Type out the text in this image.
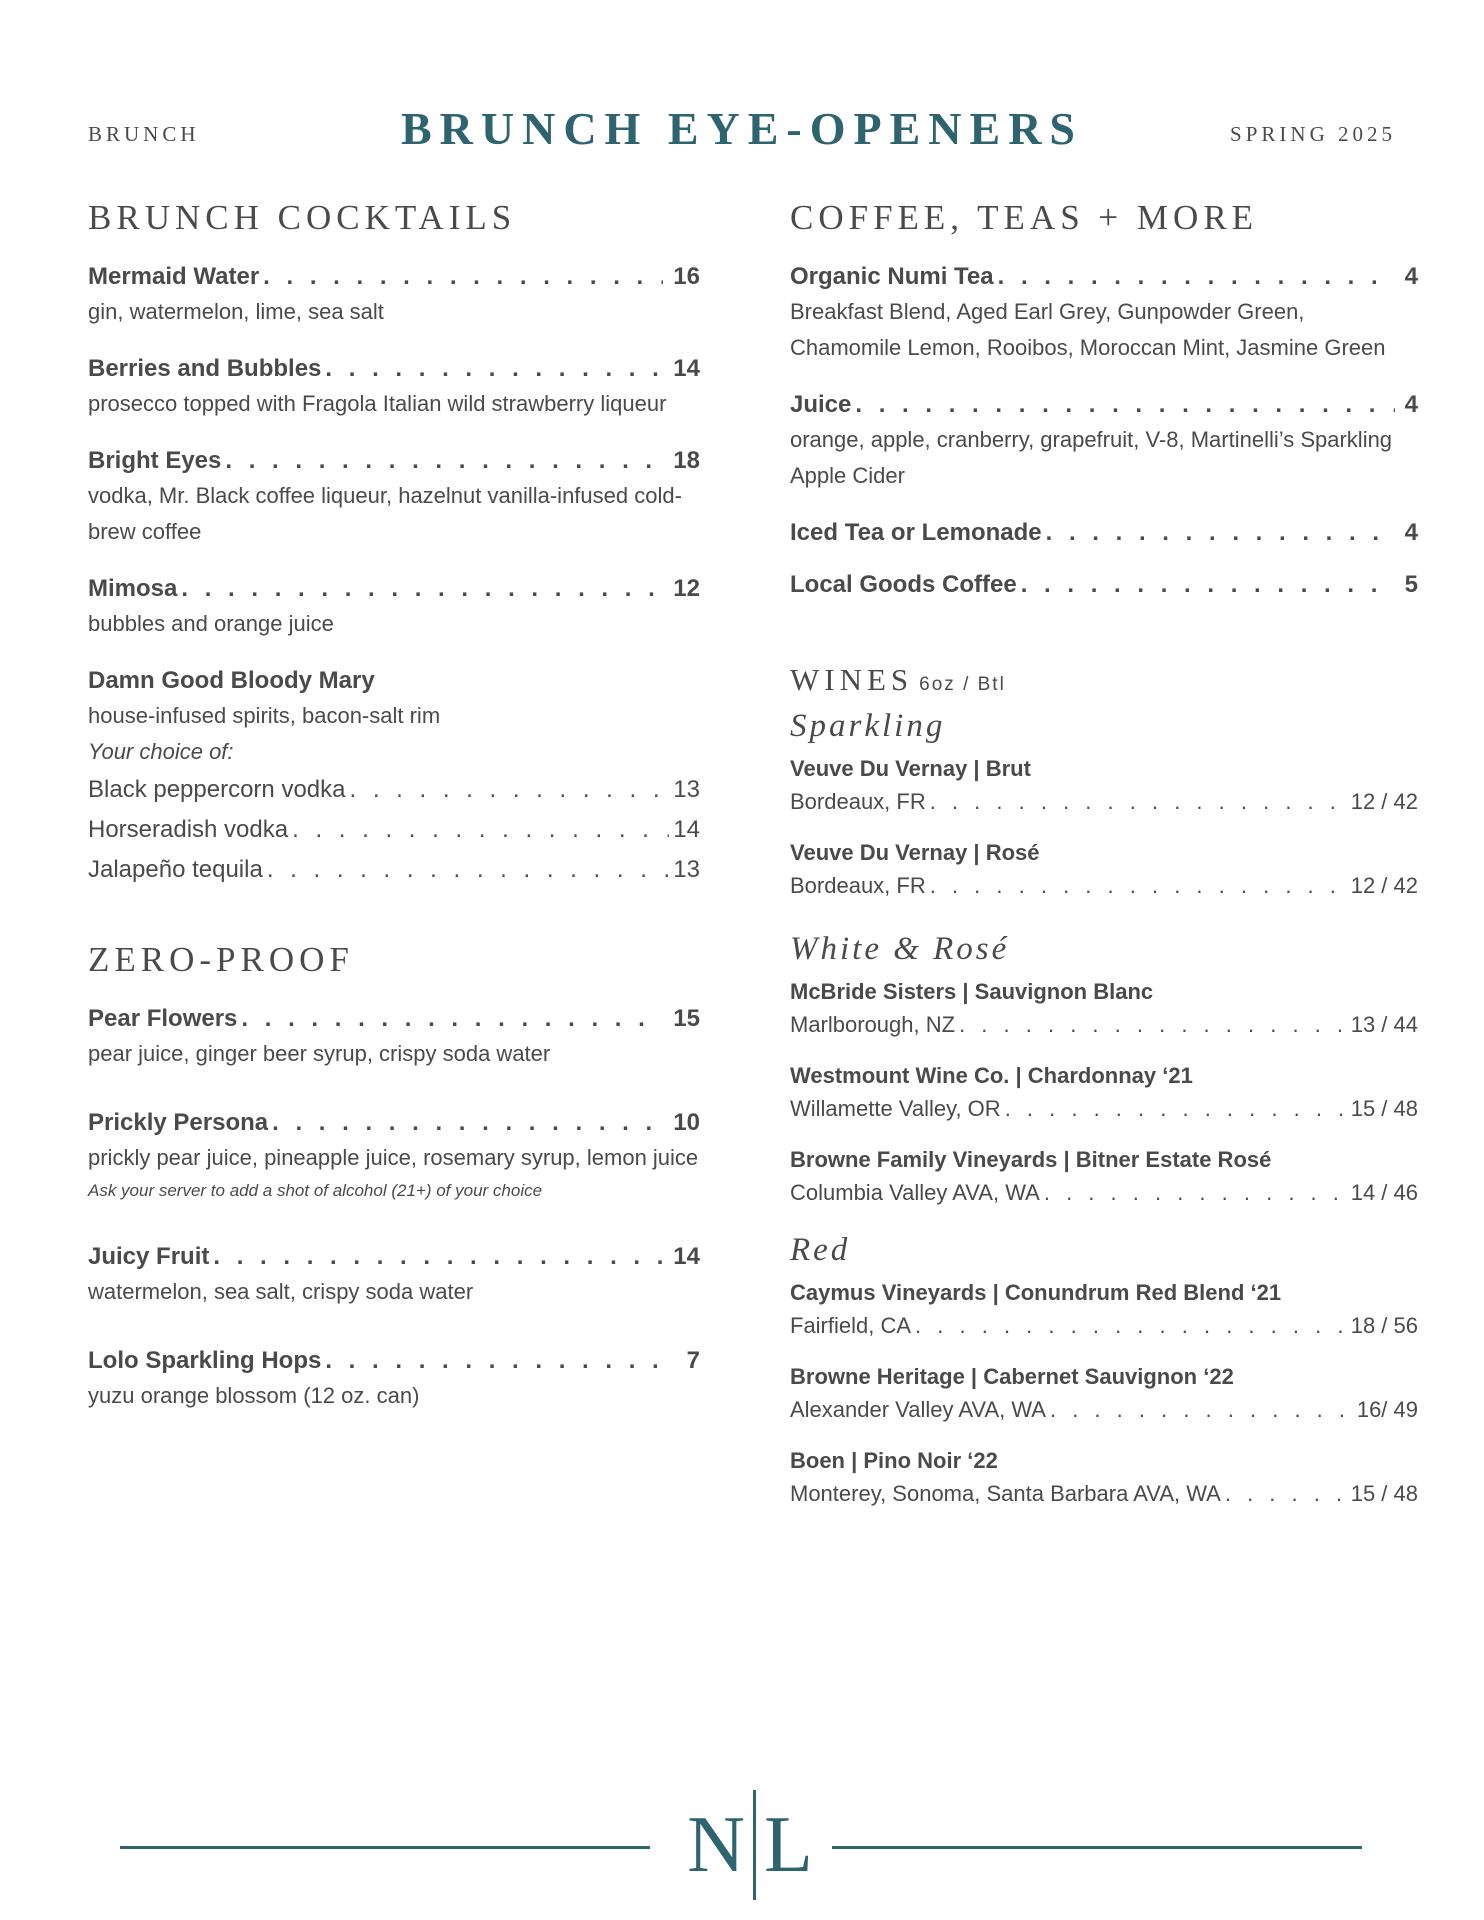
BRUNCH	BRUNCH EYE-OPENERS	SPRING 2025
BRUNCH COCKTAILS
Mermaid Water . . .	16
gin, watermelon, lime, sea salt
Berries and Bubbles . . .	14
prosecco topped with Fragola Italian wild strawberry liqueur
Bright Eyes . . .	18
vodka, Mr. Black coffee liqueur, hazelnut vanilla-infused cold-brew coffee
Mimosa . . .	12
bubbles and orange juice
Damn Good Bloody Mary
house-infused spirits, bacon-salt rim
Your choice of:
Black peppercorn vodka . . .	13
Horseradish vodka . . .	14
Jalapeño tequila . . .	13
ZERO-PROOF
Pear Flowers . . .	15
pear juice, ginger beer syrup, crispy soda water
Prickly Persona . . .	10
prickly pear juice, pineapple juice, rosemary syrup, lemon juice
Ask your server to add a shot of alcohol (21+) of your choice
Juicy Fruit . . .	14
watermelon, sea salt, crispy soda water
Lolo Sparkling Hops . . .	7
yuzu orange blossom (12 oz. can)
COFFEE, TEAS + MORE
Organic Numi Tea . . .	4
Breakfast Blend, Aged Earl Grey, Gunpowder Green, Chamomile Lemon, Rooibos, Moroccan Mint, Jasmine Green
Juice . . .	4
orange, apple, cranberry, grapefruit, V-8, Martinelli’s Sparkling Apple Cider
Iced Tea or Lemonade . . .	4
Local Goods Coffee . . .	5
WINES 6oz / Btl
Sparkling
Veuve Du Vernay | Brut
Bordeaux, FR . . .	12 / 42
Veuve Du Vernay | Rosé
Bordeaux, FR . . .	12 / 42
White & Rosé
McBride Sisters | Sauvignon Blanc
Marlborough, NZ . . .	13 / 44
Westmount Wine Co. | Chardonnay ‘21
Willamette Valley, OR . . .	15 / 48
Browne Family Vineyards | Bitner Estate Rosé
Columbia Valley AVA, WA . . .	14 / 46
Red
Caymus Vineyards | Conundrum Red Blend ‘21
Fairfield, CA . . .	18 / 56
Browne Heritage | Cabernet Sauvignon ‘22
Alexander Valley AVA, WA . . .	16/ 49
Boen | Pino Noir ‘22
Monterey, Sonoma, Santa Barbara AVA, WA . . .	15 / 48
N L
